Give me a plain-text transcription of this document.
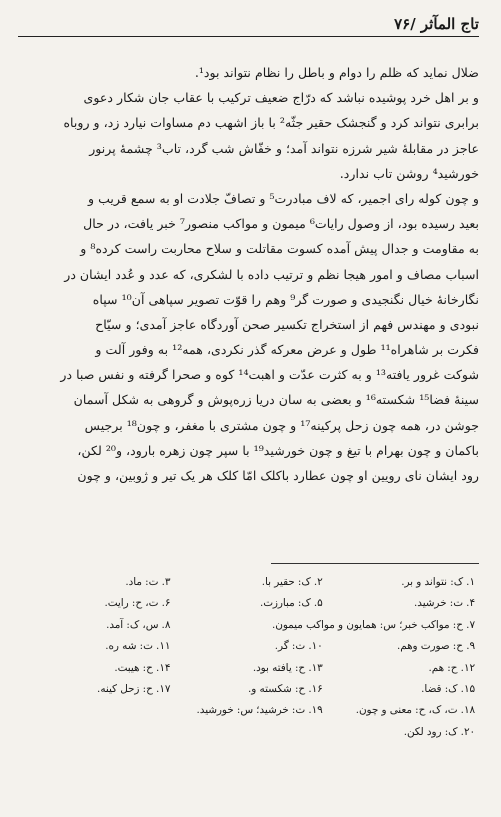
تاج المآثر /۷۶
ضلال نماید که ظلم را دوام و باطل را نظام نتواند بود¹.
و بر اهل خرد پوشیده نباشد که درّاج ضعیف ترکیب با عقاب جان شکار دعوی
برابری نتواند کرد و گنجشک حقیر جثّه² با باز اشهب دم مساوات نیارد زد، و روباه
عاجز در مقابلهٔ شیر شرزه نتواند آمد؛ و خفّاش شب گرد، تاب³ چشمهٔ پرنور
خورشید⁴ روشن تاب ندارد.
و چون کوله رای اجمیر، که لاف مبادرت⁵ و تصافّ جلادت او به سمع قریب و
بعید رسیده بود، از وصول رایات⁶ میمون و مواکب منصور⁷ خبر یافت، در حال
به مقاومت و جدال پیش آمده کسوت مقاتلت و سلاح محاربت راست کرده⁸ و
اسباب مصاف و امور هیجا نظم و ترتیب داده با لشکری، که عدد و عُدد ایشان در
نگارخانهٔ خیال نگنجیدی و صورت گر⁹ وهم را قوّت تصویر سپاهی آن¹⁰ سپاه
نبودی و مهندس فهم از استخراج تکسیر صحن آوردگاه عاجز آمدی؛ و سیّاح
فکرت بر شاهراه¹¹ طول و عرض معرکه گذر نکردی، همه¹² به وفور آلت و
شوکت غرور یافته¹³ و به کثرت عدّت و اهبت¹⁴ کوه و صحرا گرفته و نفس صبا در
سینهٔ فضا¹⁵ شکسته¹⁶ و بعضی به سان دریا زره‌پوش و گروهی به شکل آسمان
جوشن در، همه چون زحل پرکینه¹⁷ و چون مشتری با مغفر، و چون¹⁸ برجیس
باکمان و چون بهرام با تیغ و چون خورشید¹⁹ با سپر چون زهره بارود، و²⁰ لکن،
رود ایشان نای رویین او چون عطارد باکلک امّا کلک هر یک تیر و ژوبین، و چون
۱. ک: نتواند و بر.
۲. ک: حقیر با.
۳. ت: ماد.
۴. ت: خرشید.
۵. ک: مبارزت.
۶. ت، ح: رایت.
۷. ح: مواکب خبر؛ س: همایون و مواکب میمون.
۸. س، ک: آمد.
۹. ح: صورت وهم.
۱۰. ت: گر.
۱۱. ت: شه ره.
۱۲. ح: هم.
۱۳. ح: یافته بود.
۱۴. ح: هیبت.
۱۵. ک: قضا.
۱۶. ح: شکسته و.
۱۷. ح: زحل کینه.
۱۸. ت، ک، ح: معنی و چون.
۱۹. ت: خرشید؛ س: خورشید.
۲۰. ک: رود لکن.
